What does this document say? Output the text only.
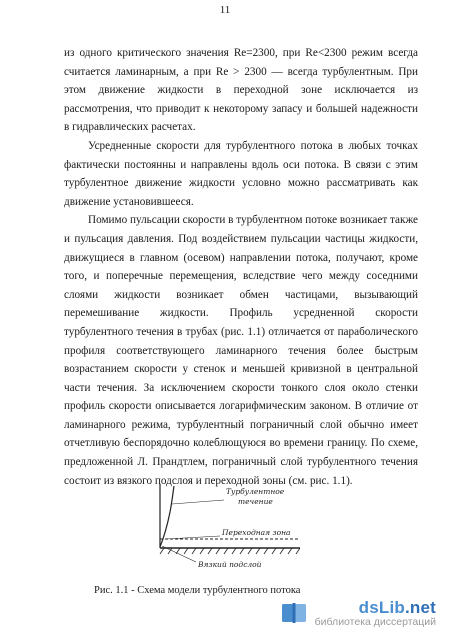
11

из одного критического значения Re=2300, при Re<2300 режим всегда считается ламинарным, а при Re > 2300 — всегда турбулентным. При этом движение жидкости в переходной зоне исключается из рассмотрения, что приводит к некоторому запасу и большей надежности в гидравлических расчетах.

Усредненные скорости для турбулентного потока в любых точках фактически постоянны и направлены вдоль оси потока. В связи с этим турбулентное движение жидкости условно можно рассматривать как движение установившееся.

Помимо пульсации скорости в турбулентном потоке возникает также и пульсация давления. Под воздействием пульсации частицы жидкости, движущиеся в главном (осевом) направлении потока, получают, кроме того, и поперечные перемещения, вследствие чего между соседними слоями жидкости возникает обмен частицами, вызывающий перемешивание жидкости. Профиль усредненной скорости турбулентного течения в трубах (рис. 1.1) отличается от параболического профиля соответствующего ламинарного течения более быстрым возрастанием скорости у стенок и меньшей кривизной в центральной части течения. За исключением скорости тонкого слоя около стенки профиль скорости описывается логарифмическим законом. В отличие от ламинарного режима, турбулентный пограничный слой обычно имеет отчетливую беспорядочно колеблющуюся во времени границу. По схеме, предложенной Л. Прандтлем, пограничный слой турбулентного течения состоит из вязкого подслоя и переходной зоны (см. рис. 1.1).

Турбулентное
течение
Переходная зона
Вязкий подслой
Рис. 1.1 - Схема модели турбулентного потока
dsLib.net
библиотека диссертаций
